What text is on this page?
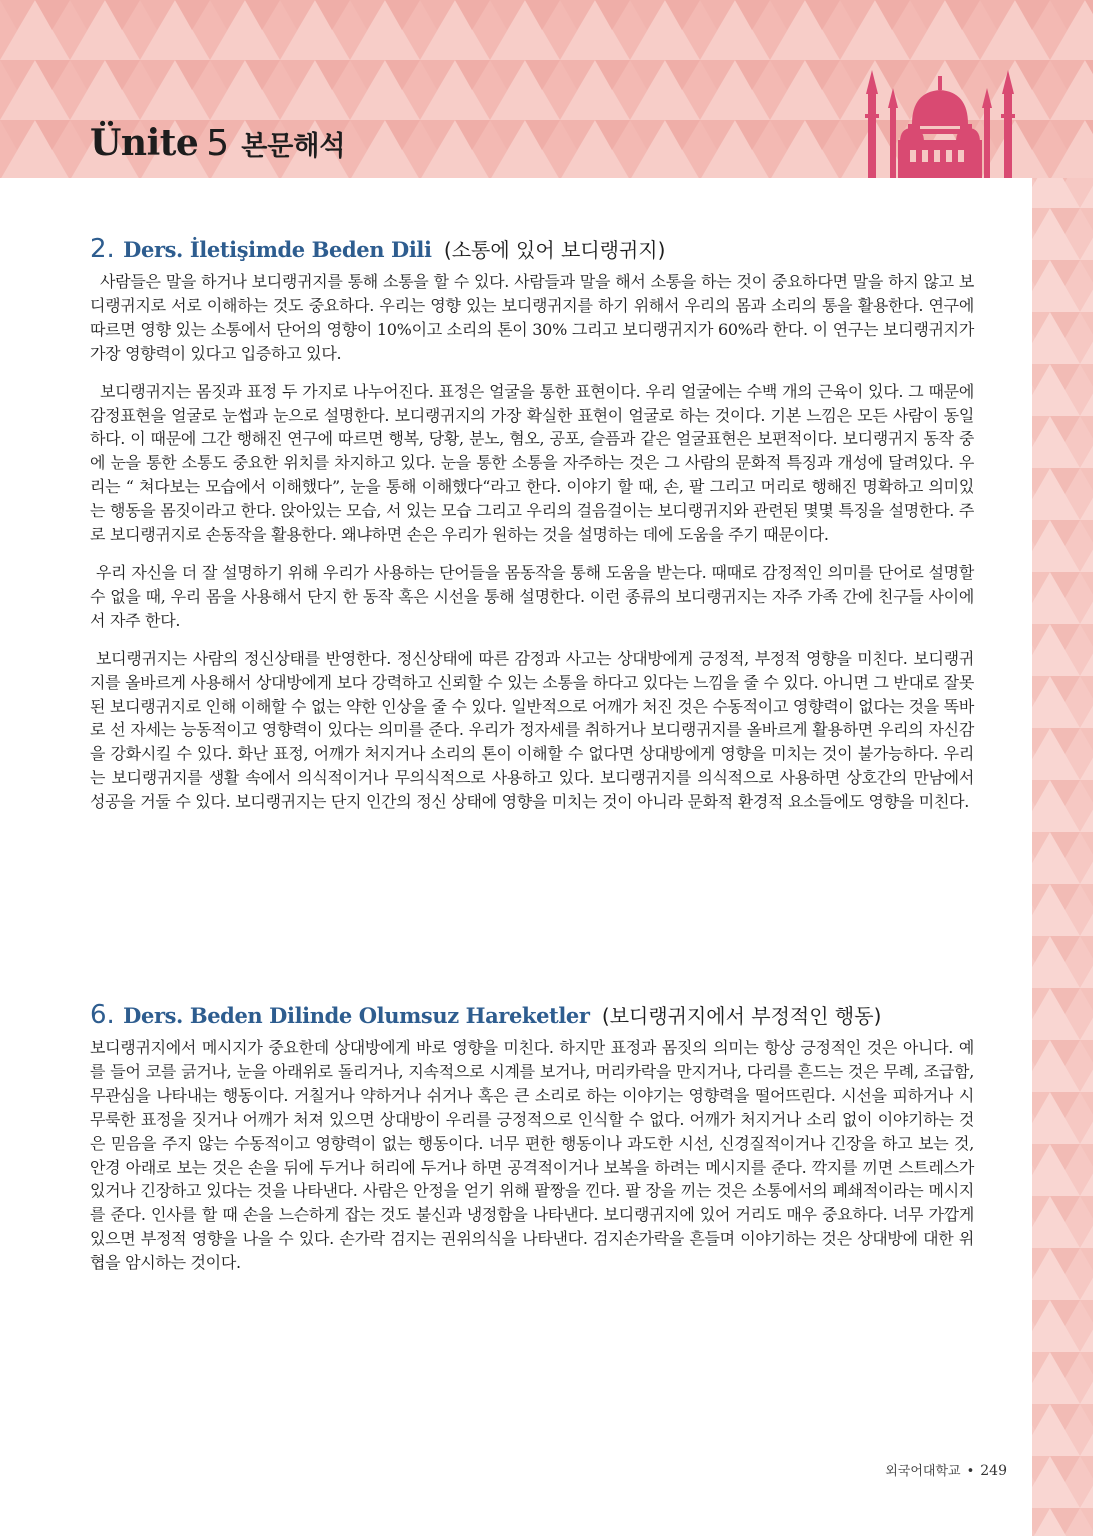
Ünite 5 본문해석
2. Ders. İletişimde Beden Dili (소통에 있어 보디랭귀지)

사람들은 말을 하거나 보디랭귀지를 통해 소통을 할 수 있다. 사람들과 말을 해서 소통을 하는 것이 중요하다면 말을 하지 않고 보디랭귀지로 서로 이해하는 것도 중요하다. 우리는 영향 있는 보디랭귀지를 하기 위해서 우리의 몸과 소리의 통을 활용한다. 연구에 따르면 영향 있는 소통에서 단어의 영향이 10%이고 소리의 톤이 30% 그리고 보디랭귀지가 60%라 한다. 이 연구는 보디랭귀지가 가장 영향력이 있다고 입증하고 있다.

보디랭귀지는 몸짓과 표정 두 가지로 나누어진다. 표정은 얼굴을 통한 표현이다. 우리 얼굴에는 수백 개의 근육이 있다. 그 때문에 감정표현을 얼굴로 눈썹과 눈으로 설명한다. 보디랭귀지의 가장 확실한 표현이 얼굴로 하는 것이다. 기본 느낌은 모든 사람이 동일하다. 이 때문에 그간 행해진 연구에 따르면 행복, 당황, 분노, 혐오, 공포, 슬픔과 같은 얼굴표현은 보편적이다. 보디랭귀지 동작 중에 눈을 통한 소통도 중요한 위치를 차지하고 있다. 눈을 통한 소통을 자주하는 것은 그 사람의 문화적 특징과 개성에 달려있다. 우리는 “ 쳐다보는 모습에서 이해했다”, 눈을 통해 이해했다“라고 한다. 이야기 할 때, 손, 팔 그리고 머리로 행해진 명확하고 의미있는 행동을 몸짓이라고 한다. 앉아있는 모습, 서 있는 모습 그리고 우리의 걸음걸이는 보디랭귀지와 관련된 몇몇 특징을 설명한다. 주로 보디랭귀지로 손동작을 활용한다. 왜냐하면 손은 우리가 원하는 것을 설명하는 데에 도움을 주기 때문이다.

우리 자신을 더 잘 설명하기 위해 우리가 사용하는 단어들을 몸동작을 통해 도움을 받는다. 때때로 감정적인 의미를 단어로 설명할 수 없을 때, 우리 몸을 사용해서 단지 한 동작 혹은 시선을 통해 설명한다. 이런 종류의 보디랭귀지는 자주 가족 간에 친구들 사이에서 자주 한다.

보디랭귀지는 사람의 정신상태를 반영한다. 정신상태에 따른 감정과 사고는 상대방에게 긍정적, 부정적 영향을 미친다. 보디랭귀지를 올바르게 사용해서 상대방에게 보다 강력하고 신뢰할 수 있는 소통을 하다고 있다는 느낌을 줄 수 있다. 아니면 그 반대로 잘못된 보디랭귀지로 인해 이해할 수 없는 약한 인상을 줄 수 있다. 일반적으로 어깨가 처진 것은 수동적이고 영향력이 없다는 것을 똑바로 선 자세는 능동적이고 영향력이 있다는 의미를 준다. 우리가 정자세를 취하거나 보디랭귀지를 올바르게 활용하면 우리의 자신감을 강화시킬 수 있다. 화난 표정, 어깨가 처지거나 소리의 톤이 이해할 수 없다면 상대방에게 영향을 미치는 것이 불가능하다. 우리는 보디랭귀지를 생활 속에서 의식적이거나 무의식적으로 사용하고 있다. 보디랭귀지를 의식적으로 사용하면 상호간의 만남에서 성공을 거둘 수 있다. 보디랭귀지는 단지 인간의 정신 상태에 영향을 미치는 것이 아니라 문화적 환경적 요소들에도 영향을 미친다.

6. Ders. Beden Dilinde Olumsuz Hareketler (보디랭귀지에서 부정적인 행동)

보디랭귀지에서 메시지가 중요한데 상대방에게 바로 영향을 미친다. 하지만 표정과 몸짓의 의미는 항상 긍정적인 것은 아니다. 예를 들어 코를 긁거나, 눈을 아래위로 돌리거나, 지속적으로 시계를 보거나, 머리카락을 만지거나, 다리를 흔드는 것은 무례, 조급함, 무관심을 나타내는 행동이다. 거칠거나 약하거나 쉬거나 혹은 큰 소리로 하는 이야기는 영향력을 떨어뜨린다. 시선을 피하거나 시무룩한 표정을 짓거나 어깨가 처져 있으면 상대방이 우리를 긍정적으로 인식할 수 없다. 어깨가 처지거나 소리 없이 이야기하는 것은 믿음을 주지 않는 수동적이고 영향력이 없는 행동이다. 너무 편한 행동이나 과도한 시선, 신경질적이거나 긴장을 하고 보는 것, 안경 아래로 보는 것은 손을 뒤에 두거나 허리에 두거나 하면 공격적이거나 보복을 하려는 메시지를 준다. 깍지를 끼면 스트레스가 있거나 긴장하고 있다는 것을 나타낸다. 사람은 안정을 얻기 위해 팔짱을 낀다. 팔 장을 끼는 것은 소통에서의 폐쇄적이라는 메시지를 준다. 인사를 할 때 손을 느슨하게 잡는 것도 불신과 냉정함을 나타낸다. 보디랭귀지에 있어 거리도 매우 중요하다. 너무 가깝게 있으면 부정적 영향을 나을 수 있다. 손가락 검지는 권위의식을 나타낸다. 검지손가락을 흔들며 이야기하는 것은 상대방에 대한 위협을 암시하는 것이다.

외국어대학교 • 249
